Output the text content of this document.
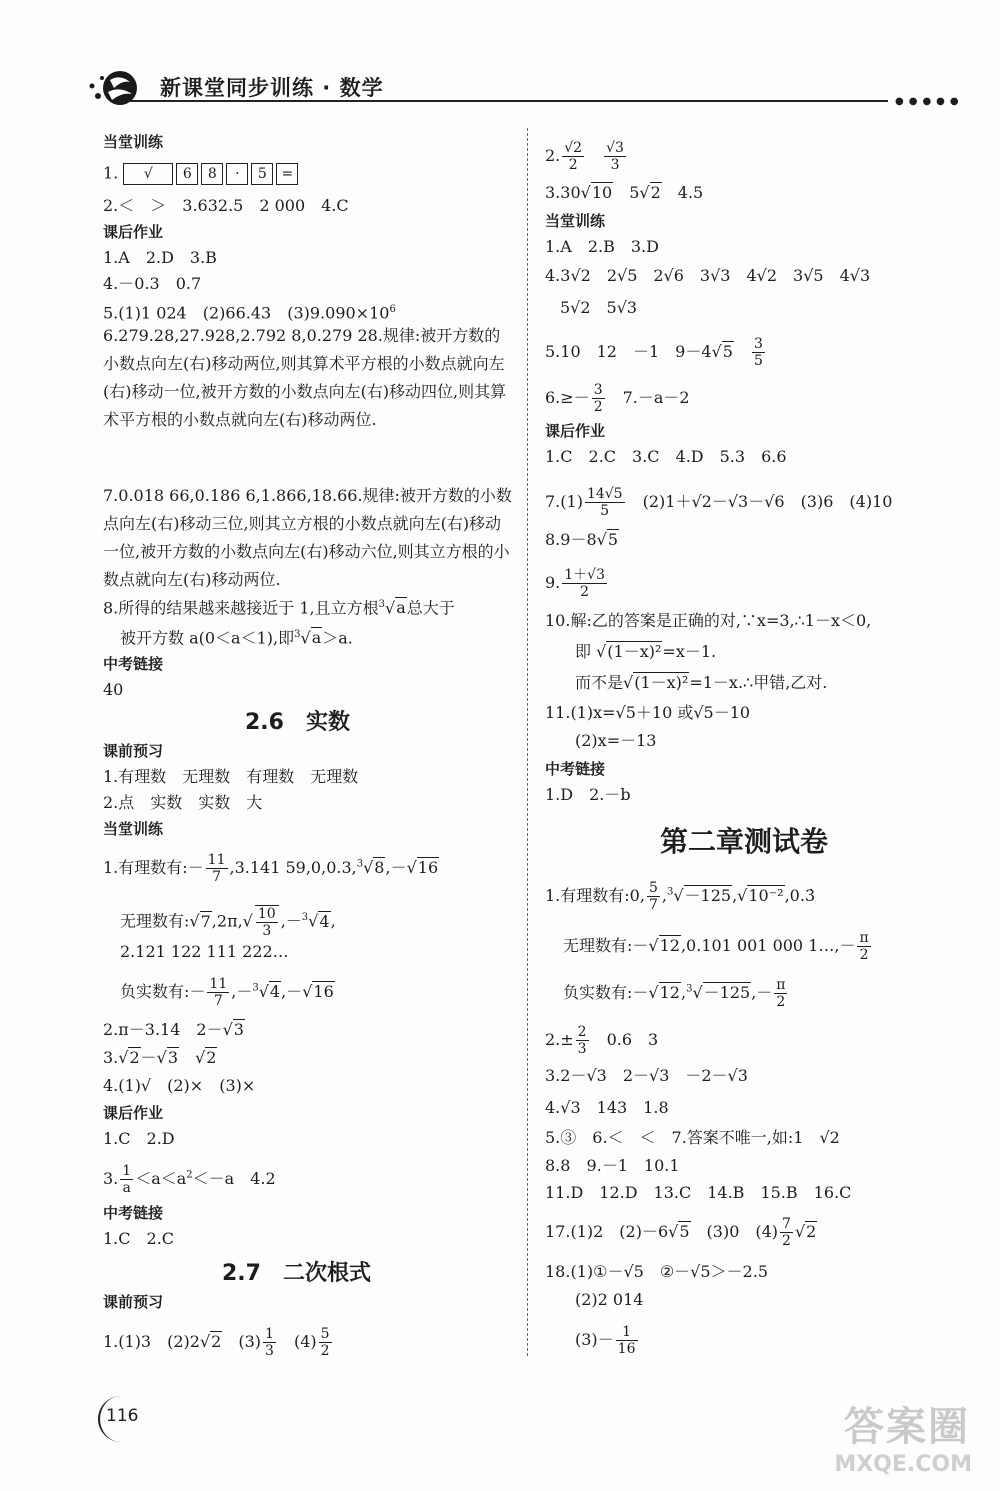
新课堂同步训练 · 数学
●●●●●
当堂训练
1. √ 6 8 · 5 =
2.＜　＞　3.632.5　2 000　4.C
课后作业
1.A　2.D　3.B
4.－0.3　0.7
5.(1)1 024　(2)66.43　$(3)9.090\times 10^6$
6.279.28,27.928,2.792 8,0.279 28.规律:被开方数的小数点向左(右)移动两位,则其算术平方根的小数点就向左(右)移动一位,被开方数的小数点向左(右)移动四位,则其算术平方根的小数点就向左(右)移动两位.
7.0.018 66,0.186 6,1.866,18.66.规律:被开方数的小数点向左(右)移动三位,则其立方根的小数点就向左(右)移动一位,被开方数的小数点向左(右)移动六位,则其立方根的小数点就向左(右)移动两位.
8.所得的结果越来越接近于 1,且立方根$^3$√a总大于
被开方数 a(0＜a＜1),即$^3$√a＞a.
中考链接
40
2.6　实数
课前预习
1.有理数　无理数　有理数　无理数
2.点　实数　实数　大
当堂训练
1.有理数有:－ $\frac{11}{7} ,3.141$ 59,0,0.3,$^3$√8,－√16
无理数有:√7,2π,√ $\frac{10}{3} ,-^3√4$,
2.121 122 111 222…
负实数有:－ $\frac{11}{7} ,-^3√4,-√16$
2.π－3.14　2－√3
3.√2－√3　 √2
4.(1)√　(2)×　(3)×
课后作业
1.C　2.D
3. $\frac{1}{a} <a<a^2<-a$　4.2
中考链接
1.C　2.C
2.7　二次根式
课前预习
1.(1)3　(2)2√2　$(3) \frac{1}{3}$ 　$(4) \frac{5}{2}$
2. $\frac{√2}{2}$
　 $\frac{√3}{3}$
3.30√10　5√2　4.5
当堂训练
1.A　2.B　3.D
4.3√2　2√5　2√6　3√3　4√2　3√5　4√3
5√2　5√3
5.10　12　－1　9－4√5　 $\frac{3}{5}$
$6.\ge- \frac{3}{2}$ 　7.－a－2
课后作业
1.C　2.C　3.C　4.D　5.3　6.6
$7.(1) \frac{14√5}{5}$ 　(2)1＋√2－√3－√6　(3)6　(4)10
8.9－8√5
9. $\frac{1+√3}{2}$
10.解:乙的答案是正确的对,∵x=3,∴1－x＜0,
即 √(1－x)²=x－1.
而不是√(1－x)²=1－x.∴甲错,乙对.
11.(1)x=√5＋10 或√5－10
(2)x=－13
中考链接
1.D　2.－b
第二章测试卷
1.有理数有:0, $\frac{5}{7}$ ,$^3$√－125,√10⁻²,0.3̇
无理数有:－√12,0.101 001 000 1…,－ $\frac{\pi}{2}$
负实数有:－√12,$^3$√－125,－ $\frac{\pi}{2}$
$2.\pm \frac{2}{3}$ 　0.6　3
3.2－√3　2－√3　－2－√3
4.√3　143　1.8
5.③　6.＜　＜　7.答案不唯一,如:1　√2
8.8　9.－1　10.1
11.D　12.D　13.C　14.B　15.B　16.C
17.(1)2　(2)－6√5　(3)0　$(4) \frac{7}{2} √2$
18.(1)①－√5　②－√5＞－2.5
(2)2 014
$(3)- \frac{1}{16}$
116	答案圈
MXQE.COM
